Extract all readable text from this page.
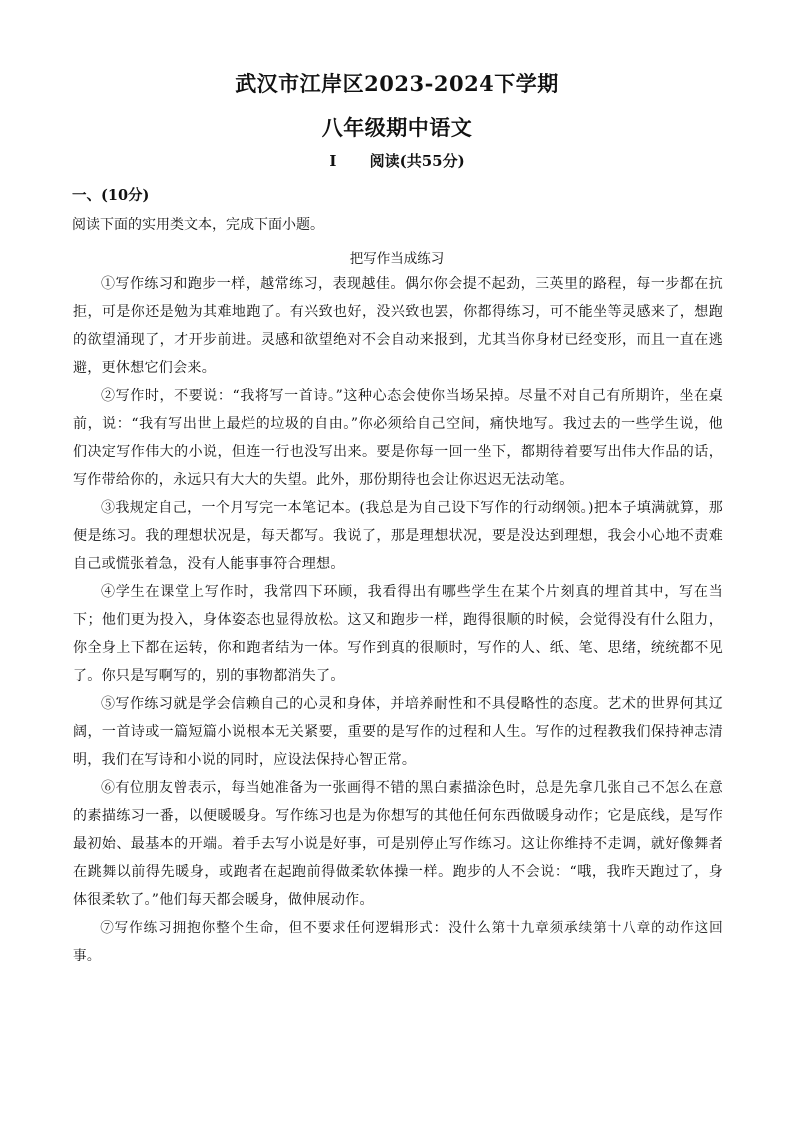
武汉市江岸区2023-2024下学期
八年级期中语文
I 阅读(共55分)
一、(10分)
阅读下面的实用类文本，完成下面小题。
把写作当成练习

①写作练习和跑步一样，越常练习，表现越佳。偶尔你会提不起劲，三英里的路程，每一步都在抗拒，可是你还是勉为其难地跑了。有兴致也好，没兴致也罢，你都得练习，可不能坐等灵感来了，想跑的欲望涌现了，才开步前进。灵感和欲望绝对不会自动来报到，尤其当你身材已经变形，而且一直在逃避，更休想它们会来。

②写作时，不要说：“我将写一首诗。”这种心态会使你当场呆掉。尽量不对自己有所期许，坐在桌前，说：“我有写出世上最烂的垃圾的自由。”你必须给自己空间，痛快地写。我过去的一些学生说，他们决定写作伟大的小说，但连一行也没写出来。要是你每一回一坐下，都期待着要写出伟大作品的话，写作带给你的，永远只有大大的失望。此外，那份期待也会让你迟迟无法动笔。

③我规定自己，一个月写完一本笔记本。(我总是为自己设下写作的行动纲领。)把本子填满就算，那便是练习。我的理想状况是，每天都写。我说了，那是理想状况，要是没达到理想，我会小心地不责难自己或慌张着急，没有人能事事符合理想。

④学生在课堂上写作时，我常四下环顾，我看得出有哪些学生在某个片刻真的埋首其中，写在当下；他们更为投入，身体姿态也显得放松。这又和跑步一样，跑得很顺的时候，会觉得没有什么阻力，你全身上下都在运转，你和跑者结为一体。写作到真的很顺时，写作的人、纸、笔、思绪，统统都不见了。你只是写啊写的，别的事物都消失了。

⑤写作练习就是学会信赖自己的心灵和身体，并培养耐性和不具侵略性的态度。艺术的世界何其辽阔，一首诗或一篇短篇小说根本无关紧要，重要的是写作的过程和人生。写作的过程教我们保持神志清明，我们在写诗和小说的同时，应设法保持心智正常。

⑥有位朋友曾表示，每当她准备为一张画得不错的黑白素描涂色时，总是先拿几张自己不怎么在意的素描练习一番，以便暖暖身。写作练习也是为你想写的其他任何东西做暖身动作；它是底线，是写作最初始、最基本的开端。着手去写小说是好事，可是别停止写作练习。这让你维持不走调，就好像舞者在跳舞以前得先暖身，或跑者在起跑前得做柔软体操一样。跑步的人不会说：“哦，我昨天跑过了，身体很柔软了。”他们每天都会暖身，做伸展动作。

⑦写作练习拥抱你整个生命，但不要求任何逻辑形式：没什么第十九章须承续第十八章的动作这回事。
